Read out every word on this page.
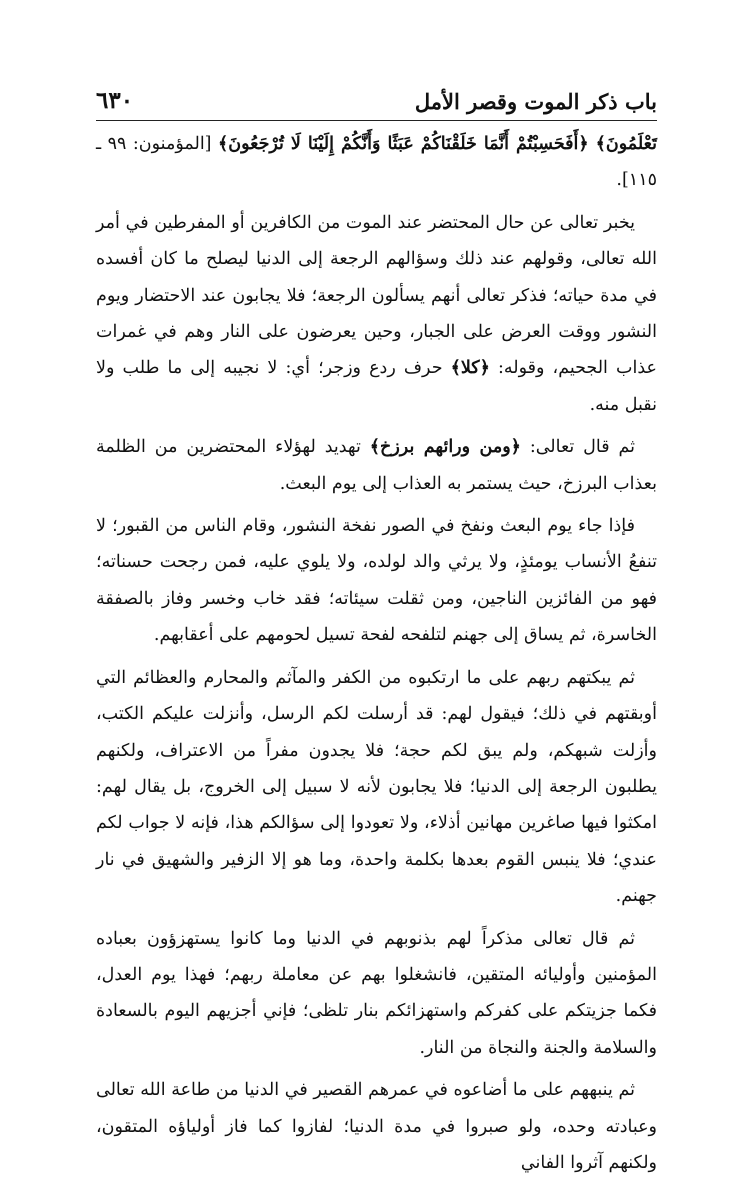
باب ذكر الموت وقصر الأمل
٦٣٠

تَعْلَمُونَ﴾ ﴿أَفَحَسِبْتُمْ أَنَّمَا خَلَقْنَاكُمْ عَبَثًا وَأَنَّكُمْ إِلَيْنَا لَا تُرْجَعُونَ﴾ [المؤمنون: ٩٩ ـ ١١٥].

يخبر تعالى عن حال المحتضر عند الموت من الكافرين أو المفرطين في أمر الله تعالى، وقولهم عند ذلك وسؤالهم الرجعة إلى الدنيا ليصلح ما كان أفسده في مدة حياته؛ فذكر تعالى أنهم يسألون الرجعة؛ فلا يجابون عند الاحتضار ويوم النشور ووقت العرض على الجبار، وحين يعرضون على النار وهم في غمرات عذاب الجحيم، وقوله: ﴿كلا﴾ حرف ردع وزجر؛ أي: لا نجيبه إلى ما طلب ولا نقبل منه.

ثم قال تعالى: ﴿ومن ورائهم برزخ﴾ تهديد لهؤلاء المحتضرين من الظلمة بعذاب البرزخ، حيث يستمر به العذاب إلى يوم البعث.

فإذا جاء يوم البعث ونفخ في الصور نفخة النشور، وقام الناس من القبور؛ لا تنفعُ الأنساب يومئذٍ، ولا يرثي والد لولده، ولا يلوي عليه، فمن رجحت حسناته؛ فهو من الفائزين الناجين، ومن ثقلت سيئاته؛ فقد خاب وخسر وفاز بالصفقة الخاسرة، ثم يساق إلى جهنم لتلفحه لفحة تسيل لحومهم على أعقابهم.

ثم يبكتهم ربهم على ما ارتكبوه من الكفر والمآثم والمحارم والعظائم التي أوبقتهم في ذلك؛ فيقول لهم: قد أرسلت لكم الرسل، وأنزلت عليكم الكتب، وأزلت شبهكم، ولم يبق لكم حجة؛ فلا يجدون مفراً من الاعتراف، ولكنهم يطلبون الرجعة إلى الدنيا؛ فلا يجابون لأنه لا سبيل إلى الخروج، بل يقال لهم: امكثوا فيها صاغرين مهانين أذلاء، ولا تعودوا إلى سؤالكم هذا، فإنه لا جواب لكم عندي؛ فلا ينبس القوم بعدها بكلمة واحدة، وما هو إلا الزفير والشهيق في نار جهنم.

ثم قال تعالى مذكراً لهم بذنوبهم في الدنيا وما كانوا يستهزؤون بعباده المؤمنين وأوليائه المتقين، فانشغلوا بهم عن معاملة ربهم؛ فهذا يوم العدل، فكما جزيتكم على كفركم واستهزائكم بنار تلظى؛ فإني أجزيهم اليوم بالسعادة والسلامة والجنة والنجاة من النار.

ثم ينبههم على ما أضاعوه في عمرهم القصير في الدنيا من طاعة الله تعالى وعبادته وحده، ولو صبروا في مدة الدنيا؛ لفازوا كما فاز أولياؤه المتقون، ولكنهم آثروا الفاني
